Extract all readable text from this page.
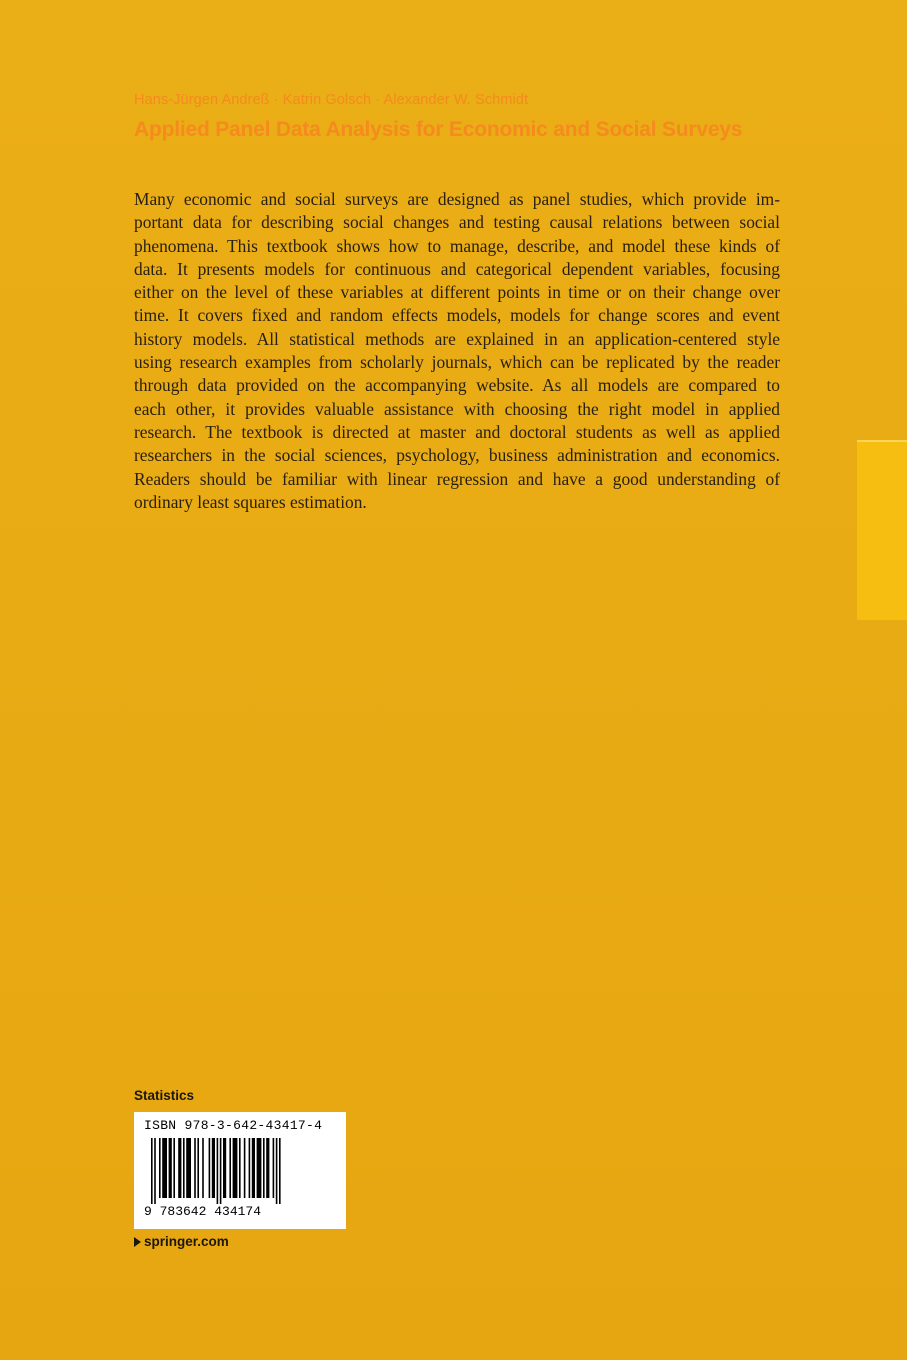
Hans-Jürgen Andreß · Katrin Golsch · Alexander W. Schmidt
Applied Panel Data Analysis for Economic and Social Surveys
Many economic and social surveys are designed as panel studies, which provide im-
portant data for describing social changes and testing causal relations between social
phenomena. This textbook shows how to manage, describe, and model these kinds of
data. It presents models for continuous and categorical dependent variables, focusing
either on the level of these variables at different points in time or on their change over
time. It covers fixed and random effects models, models for change scores and event
history models. All statistical methods are explained in an application-centered style
using research examples from scholarly journals, which can be replicated by the reader
through data provided on the accompanying website. As all models are compared to
each other, it provides valuable assistance with choosing the right model in applied
research. The textbook is directed at master and doctoral students as well as applied
researchers in the social sciences, psychology, business administration and economics.
Readers should be familiar with linear regression and have a good understanding of
ordinary least squares estimation.
Statistics
ISBN 978-3-642-43417-4
9 783642 434174
springer.com
